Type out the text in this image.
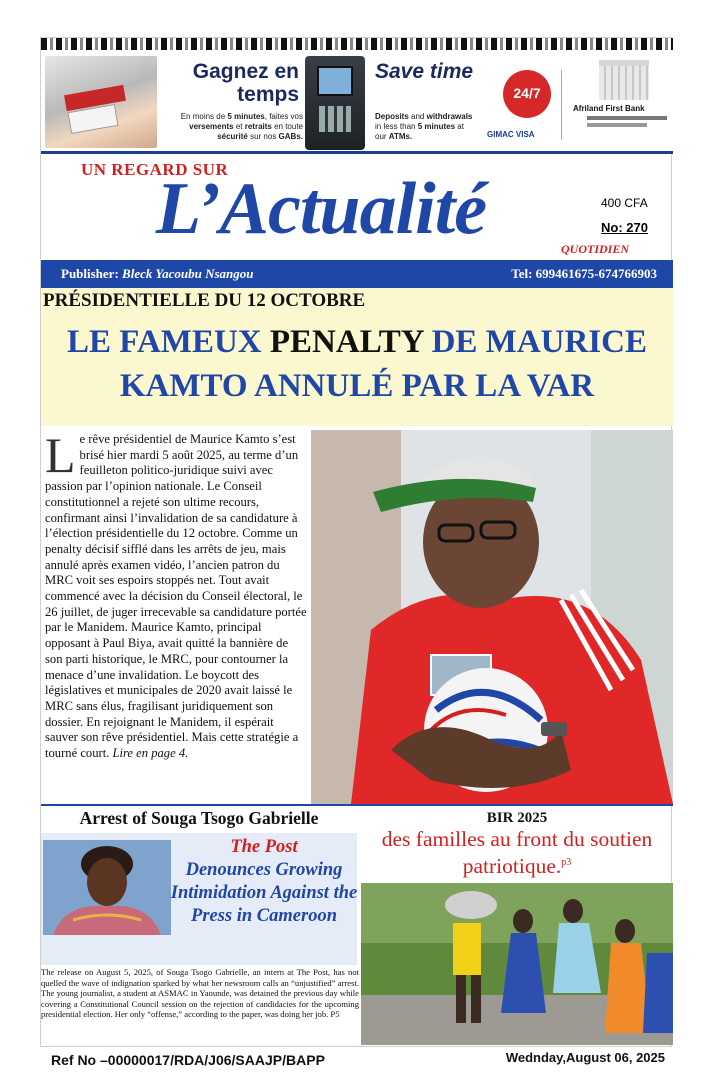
Gagnez en temps
En moins de 5 minutes, faites vos versements et retraits en toute sécurité sur nos GABs.
Save time
Deposits and withdrawals in less than 5 minutes at our ATMs.
24/7
GIMAC VISA
Afriland First Bank
UN REGARD SUR
L’Actualité	400 CFA
No: 270
QUOTIDIEN
Publisher: Bleck Yacoubu Nsangou	Tel: 699461675-674766903
PRÉSIDENTIELLE DU 12 OCTOBRE
LE FAMEUX PENALTY DE MAURICE
KAMTO ANNULÉ PAR LA VAR
Le rêve présidentiel de Maurice Kamto s’est brisé hier mardi 5 août 2025, au terme d’un feuilleton politico-juridique suivi avec passion par l’opinion nationale. Le Conseil constitutionnel a rejeté son ultime recours, confirmant ainsi l’invalidation de sa candidature à l’élection présidentielle du 12 octobre. Comme un penalty décisif sifflé dans les arrêts de jeu, mais annulé après examen vidéo, l’ancien patron du MRC voit ses espoirs stoppés net. Tout avait commencé avec la décision du Conseil électoral, le 26 juillet, de juger irrecevable sa candidature portée par le Manidem. Maurice Kamto, principal opposant à Paul Biya, avait quitté la bannière de son parti historique, le MRC, pour contourner la menace d’une invalidation. Le boycott des législatives et municipales de 2020 avait laissé le MRC sans élus, fragilisant juridiquement son dossier. En rejoignant le Manidem, il espérait sauver son rêve présidentiel. Mais cette stratégie a tourné court. Lire en page 4.
Arrest of Souga Tsogo Gabrielle
The Post
Denounces Growing Intimidation Against the Press in Cameroon
The release on August 5, 2025, of Souga Tsogo Gabrielle, an intern at The Post, has not quelled the wave of indignation sparked by what her newsroom calls an “unjustified” arrest. The young journalist, a student at ASMAC in Yaounde, was detained the previous day while covering a Constitutional Council session on the rejection of candidacies for the upcoming presidential election. Her only “offense,” according to the paper, was doing her job. P5
BIR 2025
des familles au front du soutien patriotique.$^{p3}$
Ref No –00000017/RDA/J06/SAAJP/BAPP	Wednday,August 06, 2025
